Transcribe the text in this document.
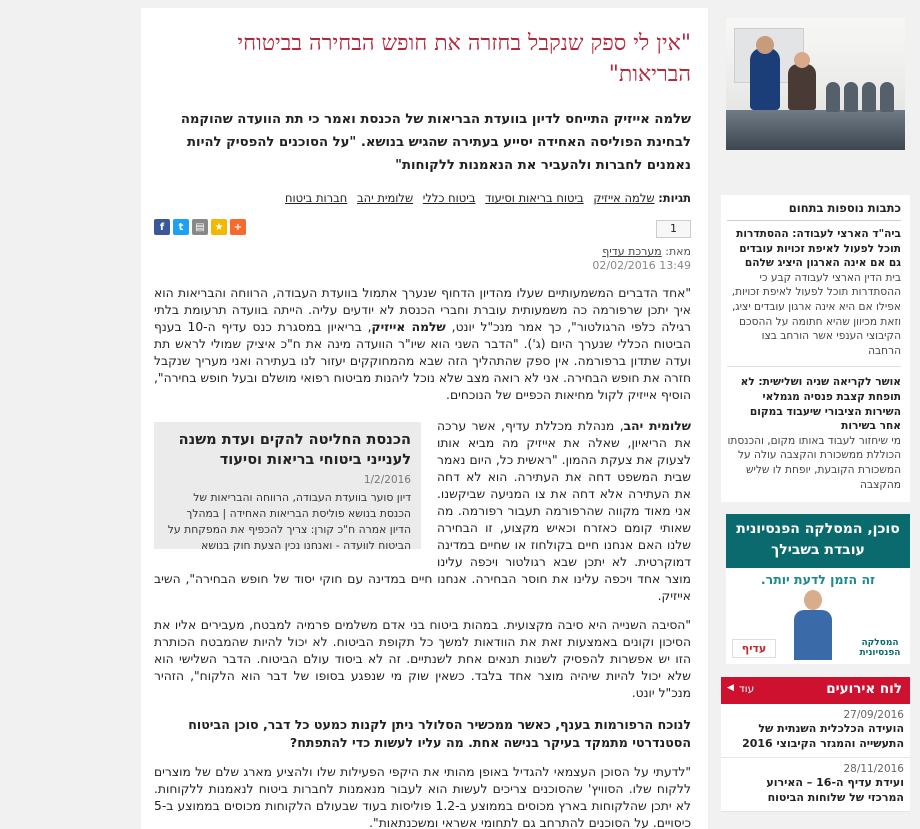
"אין לי ספק שנקבל בחזרה את חופש הבחירה בביטוחי הבריאות"
שלמה אייזיק התייחס לדיון בוועדת הבריאות של הכנסת ואמר כי תת הוועדה שהוקמה לבחינת הפוליסה האחידה יסייע בעתירה שהגיש בנושא. "על הסוכנים להפסיק להיות נאמנים לחברות ולהעביר את הנאמנות ללקוחות"
תגיות: שלמה אייזיק ביטוח בריאות וסיעוד ביטוח כללי שלומית יהב חברות ביטוח
1
f	t	▤ ★	+
מאת: מערכת עדיף
13:49 02/02/2016

"אחד הדברים המשמעותיים שעלו מהדיון הדחוף שנערך אתמול בוועדת העבודה, הרווחה והבריאות הוא איך יתכן שרפורמה כה משמעותית עוברת וחברי הכנסת לא יודעים עליה. הייתה בוועדה תרעומת בלתי רגילה כלפי הרגולטור", כך אמר מנכ"ל יונט, שלמה אייזיק, בריאיון במסגרת כנס עדיף ה-10 בענף הביטוח הכללי שנערך היום (ג'). "הדבר השני הוא שיו"ר הוועדה מינה את ח"כ איציק שמולי לראש תת ועדה שתדון ברפורמה. אין ספק שהתהליך הזה שבא מהמחוקקים יעזור לנו בעתירה ואני מעריך שנקבל חזרה את חופש הבחירה. אני לא רואה מצב שלא נוכל ליהנות מביטוח רפואי מושלם ובעל חופש בחירה", הוסיף אייזיק לקול מחיאות הכפיים של הנוכחים.

הכנסת החליטה להקים ועדת משנה לענייני ביטוחי בריאות וסיעוד
1/2/2016
דיון סוער בוועדת העבודה, הרווחה והבריאות של הכנסת בנושא פוליסת הבריאות האחידה | במהלך הדיון אמרה ח"כ קורן: צריך להכפיף את המפקחת על הביטוח לוועדה - ואנחנו נכין הצעת חוק בנושא
שלומית יהב, מנהלת מכללת עדיף, אשר ערכה את הריאיון, שאלה את אייזיק מה מביא אותו לצעוק את צעקת ההמון. "ראשית כל, היום נאמר שבית המשפט דחה את העתירה. הוא לא דחה את העתירה אלא דחה את צו המניעה שביקשנו. אני מאוד מקווה שהרפורמה תעבור רפורמה. מה שאותי קומם כאזרח וכאיש מקצוע, זו הבחירה שלנו האם אנחנו חיים בקולחוז או שחיים במדינה דמוקרטית. לא יתכן שבא רגולטור ויכפה עלינו מוצר אחד ויכפה עלינו את חוסר הבחירה. אנחנו חיים במדינה עם חוקי יסוד של חופש הבחירה", השיב אייזיק.

"הסיבה השנייה היא סיבה מקצועית. במהות ביטוח בני אדם משלמים פרמיה למבטח, מעבירים אליו את הסיכון וקונים באמצעות זאת את הוודאות למשך כל תקופת הביטוח. לא יכול להיות שהמבטח הכותרת הזו יש אפשרות להפסיק לשנות תנאים אחת לשנתיים. זה לא ביסוד עולם הביטוח. הדבר השלישי הוא שלא יכול להיות שיהיה מוצר אחד בלבד. כשאין שוק מי שנפגע בסופו של דבר הוא הלקוח", הזהיר מנכ"ל יונט.

לנוכח הרפורמות בענף, כאשר ממכשיר הסלולר ניתן לקנות כמעט כל דבר, סוכן הביטוח הסטנדרטי מתמקד בעיקר בנישה אחת. מה עליו לעשות כדי להתפתח?

"לדעתי על הסוכן העצמאי להגדיל באופן מהותי את היקפי הפעילות שלו ולהציע מארג שלם של מוצרים ללקוח שלו. הסוויץ' שהסוכנים צריכים לעשות הוא לעבור מנאמנות לחברות ביטוח לנאמנות ללקוחות. לא יתכן שהלקוחות בארץ מכוסים בממוצע ב-1.2 פוליסות בעוד שבעולם הלקוחות מכוסים בממוצע ב-5 כיסויים. על הסוכנים להתרחב גם לתחומי אשראי ומשכנתאות".

כתבות נוספות בתחום
ביה"ד הארצי לעבודה: ההסתדרות תוכל לפעול לאיפת זכויות עובדים גם אם אינה הארגון היציג שלהם
בית הדין הארצי לעבודה קבע כי ההסתדרות תוכל לפעול לאיפת זכויות, אפילו אם היא אינה ארגון עובדים יציג, וזאת מכיוון שהיא חתומה על ההסכם הקיבוצי הענפי אשר הורחב בצו הרחבה
אושר לקריאה שניה ושלישית: לא תופחת קצבת פנסיה מגמלאי השירות הציבורי שיעבוד במקום אחר בשירות
מי שיחזור לעבוד באותו מקום, והכנסתו הכוללת ממשכורת והקצבה עולה על המשכורת הקובעת, יופחת לו שליש מהקצבה
סוכן, המסלקה הפנסיונית עובדת בשבילך
זה הזמן לדעת יותר.
המסלקה הפנסיונית
עדיף
לוח אירועים
עוד
◀
27/09/2016
הועידה הכלכלית השנתית של התעשייה והמגזר הקיבוצי 2016
28/11/2016
ועידת עדיף ה-16 – האירוע המרכזי של שלוחות הביטוח
